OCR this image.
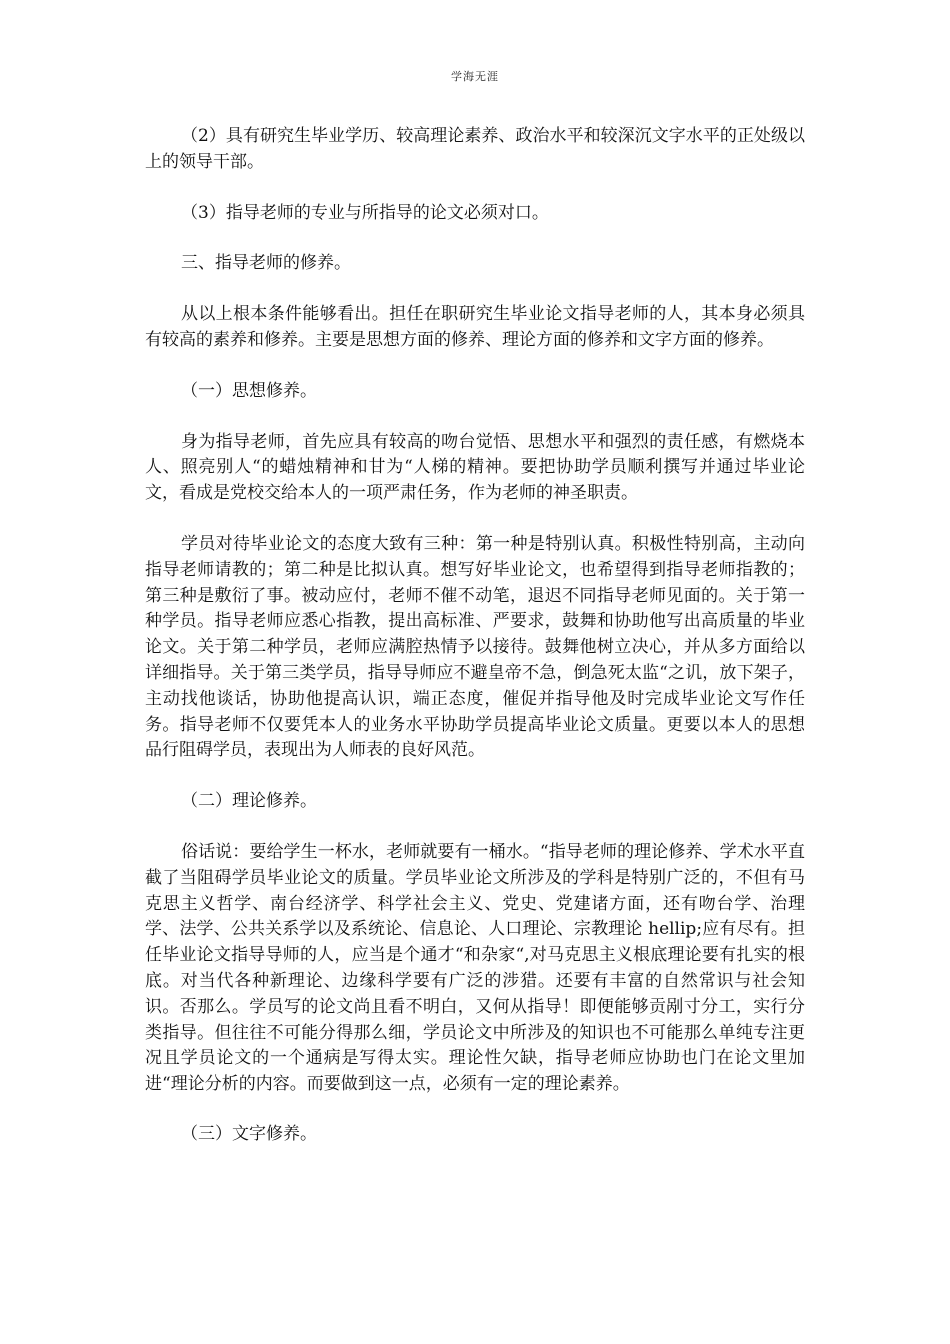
学海无涯

（2）具有研究生毕业学历、较高理论素养、政治水平和较深沉文字水平的正处级以上的领导干部。

（3）指导老师的专业与所指导的论文必须对口。

三、指导老师的修养。

从以上根本条件能够看出。担任在职研究生毕业论文指导老师的人，其本身必须具有较高的素养和修养。主要是思想方面的修养、理论方面的修养和文字方面的修养。

（一）思想修养。

身为指导老师，首先应具有较高的吻台觉悟、思想水平和强烈的责任感，有燃烧本人、照亮别人“的蜡烛精神和甘为“人梯的精神。要把协助学员顺利撰写并通过毕业论文，看成是党校交给本人的一项严肃任务，作为老师的神圣职责。

学员对待毕业论文的态度大致有三种：第一种是特别认真。积极性特别高，主动向指导老师请教的；第二种是比拟认真。想写好毕业论文，也希望得到指导老师指教的；第三种是敷衍了事。被动应付，老师不催不动笔，退迟不同指导老师见面的。关于第一种学员。指导老师应悉心指教，提出高标准、严要求，鼓舞和协助他写出高质量的毕业论文。关于第二种学员，老师应满腔热情予以接待。鼓舞他树立决心，并从多方面给以详细指导。关于第三类学员，指导导师应不避皇帝不急，倒急死太监“之讥，放下架子，主动找他谈话，协助他提高认识，端正态度，催促并指导他及时完成毕业论文写作任务。指导老师不仅要凭本人的业务水平协助学员提高毕业论文质量。更要以本人的思想品行阻碍学员，表现出为人师表的良好风范。

（二）理论修养。

俗话说：要给学生一杯水，老师就要有一桶水。“指导老师的理论修养、学术水平直截了当阻碍学员毕业论文的质量。学员毕业论文所涉及的学科是特别广泛的，不但有马克思主义哲学、南台经济学、科学社会主义、党史、党建诸方面，还有吻台学、治理学、法学、公共关系学以及系统论、信息论、人口理论、宗教理论 hellip;应有尽有。担任毕业论文指导导师的人，应当是个通才“和杂家“,对马克思主义根底理论要有扎实的根底。对当代各种新理论、边缘科学要有广泛的涉猎。还要有丰富的自然常识与社会知识。否那么。学员写的论文尚且看不明白，又何从指导！即便能够贡剐寸分工，实行分类指导。但往往不可能分得那么细，学员论文中所涉及的知识也不可能那么单纯专注更况且学员论文的一个通病是写得太实。理论性欠缺，指导老师应协助也门在论文里加进“理论分析的内容。而要做到这一点，必须有一定的理论素养。

（三）文字修养。
